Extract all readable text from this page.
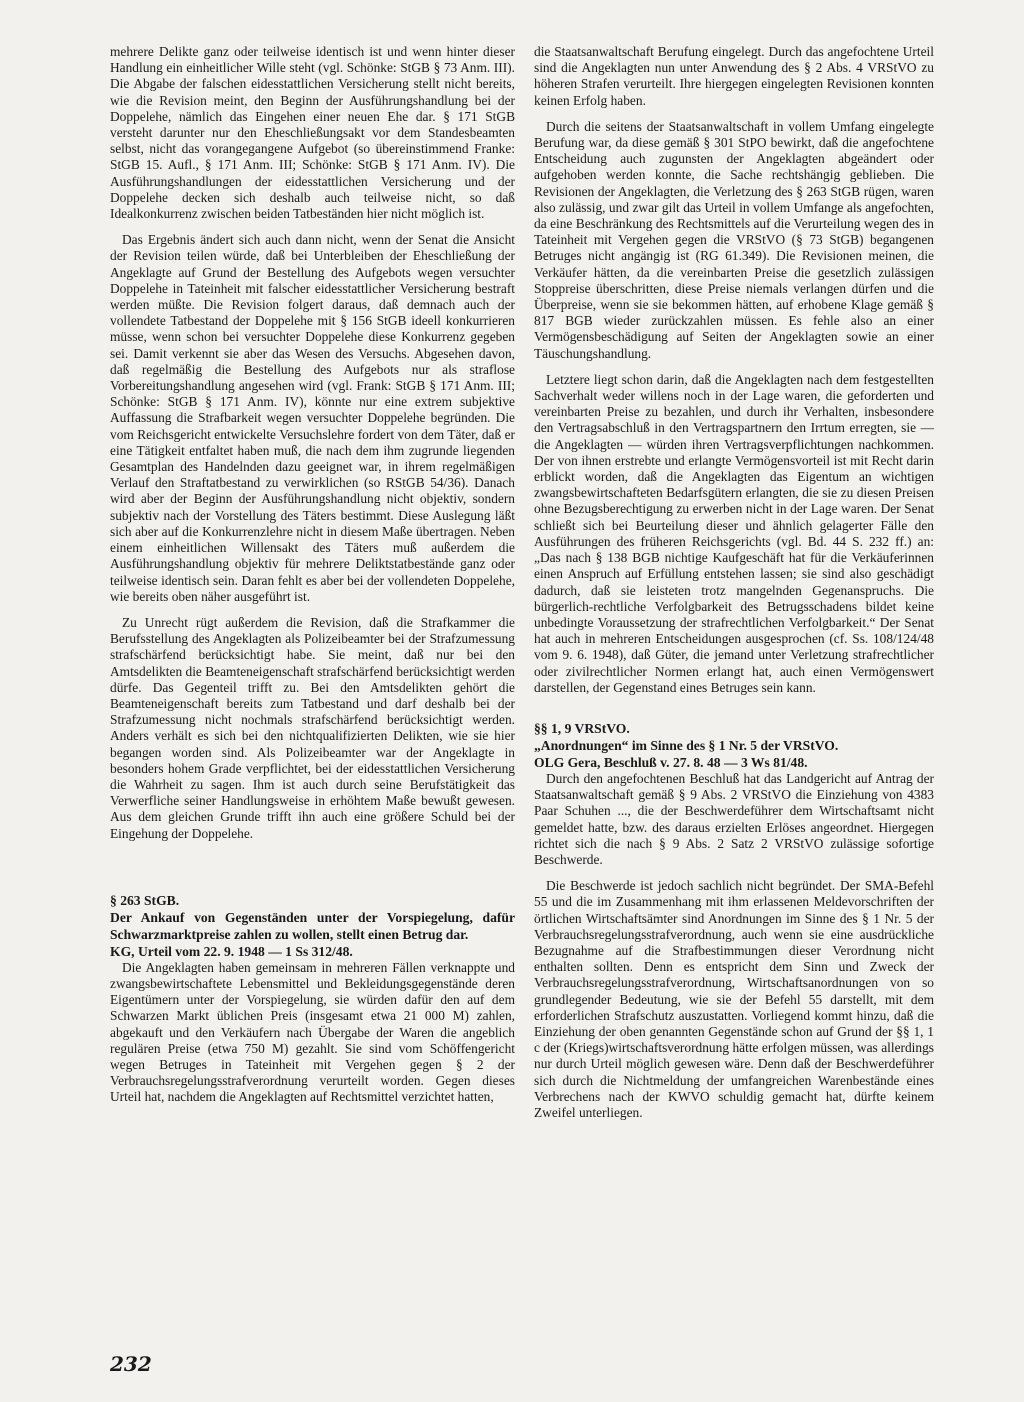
mehrere Delikte ganz oder teilweise identisch ist und wenn hinter dieser Handlung ein einheitlicher Wille steht (vgl. Schönke: StGB § 73 Anm. III). Die Abgabe der falschen eidesstattlichen Versicherung stellt nicht bereits, wie die Revision meint, den Beginn der Ausführungshandlung bei der Doppelehe, nämlich das Eingehen einer neuen Ehe dar. § 171 StGB versteht darunter nur den Eheschließungsakt vor dem Standesbeamten selbst, nicht das vorangegangene Aufgebot (so übereinstimmend Franke: StGB 15. Aufl., § 171 Anm. III; Schönke: StGB § 171 Anm. IV). Die Ausführungshandlungen der eidesstattlichen Versicherung und der Doppelehe decken sich deshalb auch teilweise nicht, so daß Idealkonkurrenz zwischen beiden Tatbeständen hier nicht möglich ist.

Das Ergebnis ändert sich auch dann nicht, wenn der Senat die Ansicht der Revision teilen würde, daß bei Unterbleiben der Eheschließung der Angeklagte auf Grund der Bestellung des Aufgebots wegen versuchter Doppelehe in Tateinheit mit falscher eidesstattlicher Versicherung bestraft werden müßte. Die Revision folgert daraus, daß demnach auch der vollendete Tatbestand der Doppelehe mit § 156 StGB ideell konkurrieren müsse, wenn schon bei versuchter Doppelehe diese Konkurrenz gegeben sei. Damit verkennt sie aber das Wesen des Versuchs. Abgesehen davon, daß regelmäßig die Bestellung des Aufgebots nur als straflose Vorbereitungshandlung angesehen wird (vgl. Frank: StGB § 171 Anm. III; Schönke: StGB § 171 Anm. IV), könnte nur eine extrem subjektive Auffassung die Strafbarkeit wegen versuchter Doppelehe begründen. Die vom Reichsgericht entwickelte Versuchslehre fordert von dem Täter, daß er eine Tätigkeit entfaltet haben muß, die nach dem ihm zugrunde liegenden Gesamtplan des Handelnden dazu geeignet war, in ihrem regelmäßigen Verlauf den Straftatbestand zu verwirklichen (so RStGB 54/36). Danach wird aber der Beginn der Ausführungshandlung nicht objektiv, sondern subjektiv nach der Vorstellung des Täters bestimmt. Diese Auslegung läßt sich aber auf die Konkurrenzlehre nicht in diesem Maße übertragen. Neben einem einheitlichen Willensakt des Täters muß außerdem die Ausführungshandlung objektiv für mehrere Deliktstatbestände ganz oder teilweise identisch sein. Daran fehlt es aber bei der vollendeten Doppelehe, wie bereits oben näher ausgeführt ist.

Zu Unrecht rügt außerdem die Revision, daß die Strafkammer die Berufsstellung des Angeklagten als Polizeibeamter bei der Strafzumessung strafschärfend berücksichtigt habe. Sie meint, daß nur bei den Amtsdelikten die Beamteneigenschaft strafschärfend berücksichtigt werden dürfe. Das Gegenteil trifft zu. Bei den Amtsdelikten gehört die Beamteneigenschaft bereits zum Tatbestand und darf deshalb bei der Strafzumessung nicht nochmals strafschärfend berücksichtigt werden. Anders verhält es sich bei den nichtqualifizierten Delikten, wie sie hier begangen worden sind. Als Polizeibeamter war der Angeklagte in besonders hohem Grade verpflichtet, bei der eidesstattlichen Versicherung die Wahrheit zu sagen. Ihm ist auch durch seine Berufstätigkeit das Verwerfliche seiner Handlungsweise in erhöhtem Maße bewußt gewesen. Aus dem gleichen Grunde trifft ihn auch eine größere Schuld bei der Eingehung der Doppelehe.

§ 263 StGB.

Der Ankauf von Gegenständen unter der Vorspiegelung, dafür Schwarzmarktpreise zahlen zu wollen, stellt einen Betrug dar.

KG, Urteil vom 22. 9. 1948 — 1 Ss 312/48.

Die Angeklagten haben gemeinsam in mehreren Fällen verknappte und zwangsbewirtschaftete Lebensmittel und Bekleidungsgegenstände deren Eigentümern unter der Vorspiegelung, sie würden dafür den auf dem Schwarzen Markt üblichen Preis (insgesamt etwa 21 000 M) zahlen, abgekauft und den Verkäufern nach Übergabe der Waren die angeblich regulären Preise (etwa 750 M) gezahlt. Sie sind vom Schöffengericht wegen Betruges in Tateinheit mit Vergehen gegen § 2 der Verbrauchsregelungsstrafverordnung verurteilt worden. Gegen dieses Urteil hat, nachdem die Angeklagten auf Rechtsmittel verzichtet hatten,

die Staatsanwaltschaft Berufung eingelegt. Durch das angefochtene Urteil sind die Angeklagten nun unter Anwendung des § 2 Abs. 4 VRStVO zu höheren Strafen verurteilt. Ihre hiergegen eingelegten Revisionen konnten keinen Erfolg haben.

Durch die seitens der Staatsanwaltschaft in vollem Umfang eingelegte Berufung war, da diese gemäß § 301 StPO bewirkt, daß die angefochtene Entscheidung auch zugunsten der Angeklagten abgeändert oder aufgehoben werden konnte, die Sache rechtshängig geblieben. Die Revisionen der Angeklagten, die Verletzung des § 263 StGB rügen, waren also zulässig, und zwar gilt das Urteil in vollem Umfange als angefochten, da eine Beschränkung des Rechtsmittels auf die Verurteilung wegen des in Tateinheit mit Vergehen gegen die VRStVO (§ 73 StGB) begangenen Betruges nicht angängig ist (RG 61.349). Die Revisionen meinen, die Verkäufer hätten, da die vereinbarten Preise die gesetzlich zulässigen Stoppreise überschritten, diese Preise niemals verlangen dürfen und die Überpreise, wenn sie sie bekommen hätten, auf erhobene Klage gemäß § 817 BGB wieder zurückzahlen müssen. Es fehle also an einer Vermögensbeschädigung auf Seiten der Angeklagten sowie an einer Täuschungshandlung.

Letztere liegt schon darin, daß die Angeklagten nach dem festgestellten Sachverhalt weder willens noch in der Lage waren, die geforderten und vereinbarten Preise zu bezahlen, und durch ihr Verhalten, insbesondere den Vertragsabschluß in den Vertragspartnern den Irrtum erregten, sie — die Angeklagten — würden ihren Vertragsverpflichtungen nachkommen. Der von ihnen erstrebte und erlangte Vermögensvorteil ist mit Recht darin erblickt worden, daß die Angeklagten das Eigentum an wichtigen zwangsbewirtschafteten Bedarfsgütern erlangten, die sie zu diesen Preisen ohne Bezugsberechtigung zu erwerben nicht in der Lage waren. Der Senat schließt sich bei Beurteilung dieser und ähnlich gelagerter Fälle den Ausführungen des früheren Reichsgerichts (vgl. Bd. 44 S. 232 ff.) an: „Das nach § 138 BGB nichtige Kaufgeschäft hat für die Verkäuferinnen einen Anspruch auf Erfüllung entstehen lassen; sie sind also geschädigt dadurch, daß sie leisteten trotz mangelnden Gegenanspruchs. Die bürgerlich-rechtliche Verfolgbarkeit des Betrugsschadens bildet keine unbedingte Voraussetzung der strafrechtlichen Verfolgbarkeit.“ Der Senat hat auch in mehreren Entscheidungen ausgesprochen (cf. Ss. 108/124/48 vom 9. 6. 1948), daß Güter, die jemand unter Verletzung strafrechtlicher oder zivilrechtlicher Normen erlangt hat, auch einen Vermögenswert darstellen, der Gegenstand eines Betruges sein kann.

§§ 1, 9 VRStVO.

„Anordnungen“ im Sinne des § 1 Nr. 5 der VRStVO.

OLG Gera, Beschluß v. 27. 8. 48 — 3 Ws 81/48.

Durch den angefochtenen Beschluß hat das Landgericht auf Antrag der Staatsanwaltschaft gemäß § 9 Abs. 2 VRStVO die Einziehung von 4383 Paar Schuhen ..., die der Beschwerdeführer dem Wirtschaftsamt nicht gemeldet hatte, bzw. des daraus erzielten Erlöses angeordnet. Hiergegen richtet sich die nach § 9 Abs. 2 Satz 2 VRStVO zulässige sofortige Beschwerde.

Die Beschwerde ist jedoch sachlich nicht begründet. Der SMA-Befehl 55 und die im Zusammenhang mit ihm erlassenen Meldevorschriften der örtlichen Wirtschaftsämter sind Anordnungen im Sinne des § 1 Nr. 5 der Verbrauchsregelungsstrafverordnung, auch wenn sie eine ausdrückliche Bezugnahme auf die Strafbestimmungen dieser Verordnung nicht enthalten sollten. Denn es entspricht dem Sinn und Zweck der Verbrauchsregelungsstrafverordnung, Wirtschaftsanordnungen von so grundlegender Bedeutung, wie sie der Befehl 55 darstellt, mit dem erforderlichen Strafschutz auszustatten. Vorliegend kommt hinzu, daß die Einziehung der oben genannten Gegenstände schon auf Grund der §§ 1, 1 c der (Kriegs)wirtschaftsverordnung hätte erfolgen müssen, was allerdings nur durch Urteil möglich gewesen wäre. Denn daß der Beschwerdeführer sich durch die Nichtmeldung der umfangreichen Warenbestände eines Verbrechens nach der KWVO schuldig gemacht hat, dürfte keinem Zweifel unterliegen.

232
